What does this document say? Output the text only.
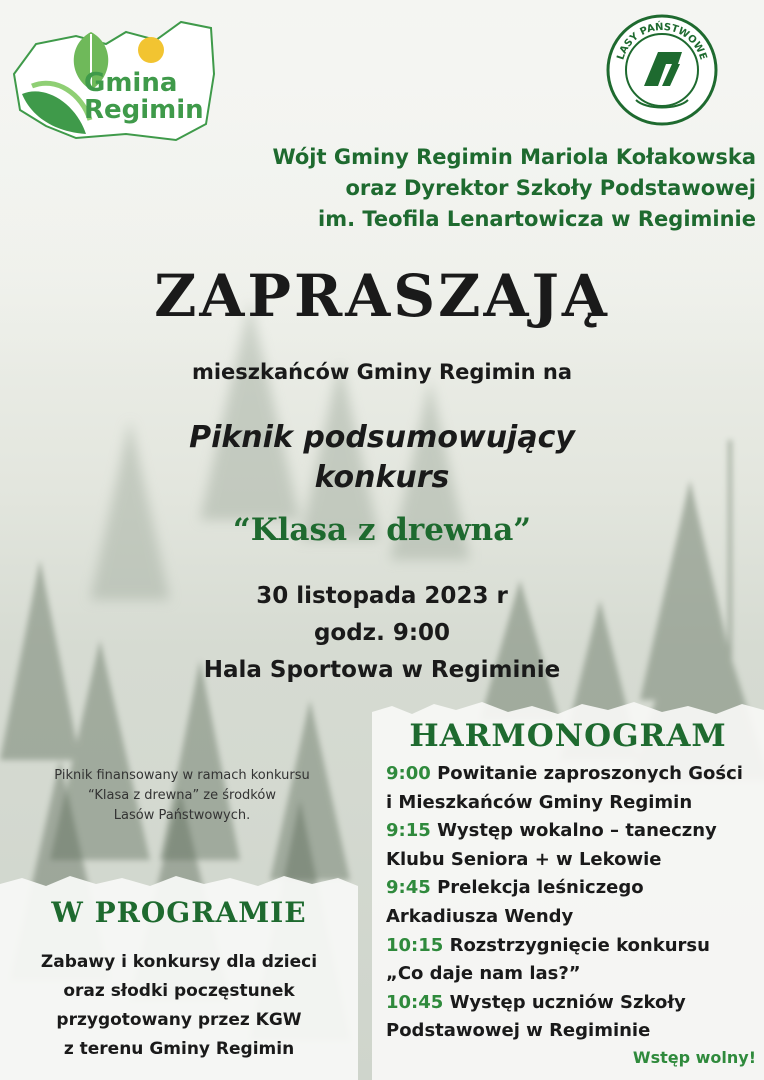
Gmina
Regimin
LASY PAŃSTWOWE
Wójt Gminy Regimin Mariola Kołakowska
oraz Dyrektor Szkoły Podstawowej
im. Teofila Lenartowicza w Regiminie
ZAPRASZAJĄ
mieszkańców Gminy Regimin na
Piknik podsumowujący
konkurs
“Klasa z drewna”
30 listopada 2023 r
godz. 9:00
Hala Sportowa w Regiminie
Piknik finansowany w ramach konkursu
“Klasa z drewna” ze środków
Lasów Państwowych.
HARMONOGRAM
9:00 Powitanie zaproszonych Gości
i Mieszkańców Gminy Regimin
9:15 Występ wokalno – taneczny
Klubu Seniora + w Lekowie
9:45 Prelekcja leśniczego
Arkadiusza Wendy
10:15 Rozstrzygnięcie konkursu
„Co daje nam las?”
10:45 Występ uczniów Szkoły
Podstawowej w Regiminie
Wstęp wolny!
W PROGRAMIE
Zabawy i konkursy dla dzieci
oraz słodki poczęstunek
przygotowany przez KGW
z terenu Gminy Regimin
